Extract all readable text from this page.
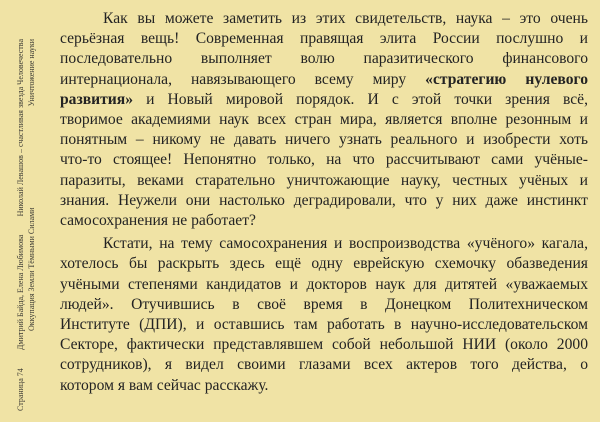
Страница 74
Дмитрий Байда, Елена Любимова
Николай Левашов – счастливая звезда Человечества
Оккупация Земли Тёмными Силами
Уничтожение науки
Как вы можете заметить из этих свидетельств, наука – это очень
серьёзная вещь! Современная правящая элита России послушно и
последовательно выполняет волю паразитического финансового
интернационала, навязывающего всему миру «стратегию нулевого
развития» и Новый мировой порядок. И с этой точки зрения всё,
творимое академиями наук всех стран мира, является вполне резонным и
понятным – никому не давать ничего узнать реального и изобрести хоть
что-то стоящее! Непонятно только, на что рассчитывают сами учёные-
паразиты, веками старательно уничтожающие науку, честных учёных и
знания. Неужели они настолько деградировали, что у них даже инстинкт
самосохранения не работает?
Кстати, на тему самосохранения и воспроизводства «учёного» кагала,
хотелось бы раскрыть здесь ещё одну еврейскую схемочку обазведения
учёными степенями кандидатов и докторов наук для дитятей «уважаемых
людей». Отучившись в своё время в Донецком Политехническом
Институте (ДПИ), и оставшись там работать в научно-исследовательском
Секторе, фактически представлявшем собой небольшой НИИ (около 2000
сотрудников), я видел своими глазами всех актеров того действа, о
котором я вам сейчас расскажу.
